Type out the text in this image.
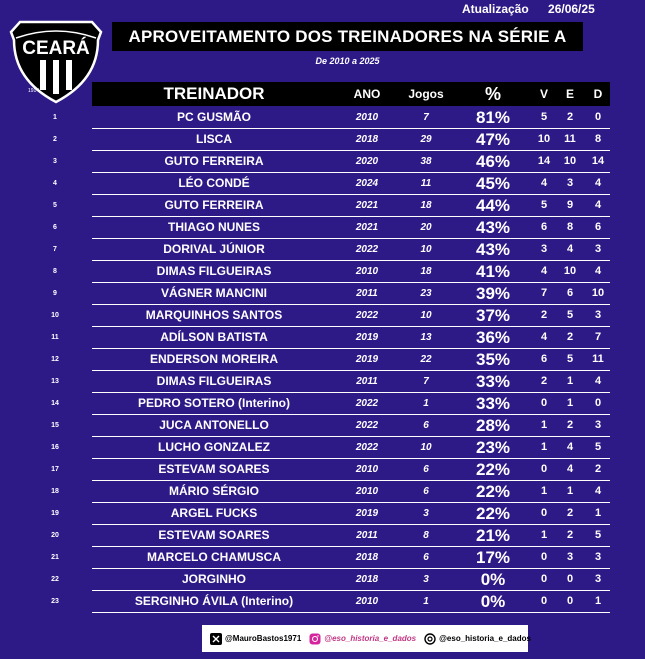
Atualização 26/06/25
CEARÁ
1914
APROVEITAMENTO DOS TREINADORES NA SÉRIE A
De 2010 a 2025
TREINADOR	ANO	Jogos	%	V	E	D
1	PC GUSMÃO	2010	7	81%	5	2	0
2	LISCA	2018	29	47%	10	11	8
3	GUTO FERREIRA	2020	38	46%	14	10	14
4	LÉO CONDÉ	2024	11	45%	4	3	4
5	GUTO FERREIRA	2021	18	44%	5	9	4
6	THIAGO NUNES	2021	20	43%	6	8	6
7	DORIVAL JÚNIOR	2022	10	43%	3	4	3
8	DIMAS FILGUEIRAS	2010	18	41%	4	10	4
9	VÁGNER MANCINI	2011	23	39%	7	6	10
10	MARQUINHOS SANTOS	2022	10	37%	2	5	3
11	ADÍLSON BATISTA	2019	13	36%	4	2	7
12	ENDERSON MOREIRA	2019	22	35%	6	5	11
13	DIMAS FILGUEIRAS	2011	7	33%	2	1	4
14	PEDRO SOTERO (Interino)	2022	1	33%	0	1	0
15	JUCA ANTONELLO	2022	6	28%	1	2	3
16	LUCHO GONZALEZ	2022	10	23%	1	4	5
17	ESTEVAM SOARES	2010	6	22%	0	4	2
18	MÁRIO SÉRGIO	2010	6	22%	1	1	4
19	ARGEL FUCKS	2019	3	22%	0	2	1
20	ESTEVAM SOARES	2011	8	21%	1	2	5
21	MARCELO CHAMUSCA	2018	6	17%	0	3	3
22	JORGINHO	2018	3	0%	0	0	3
23	SERGINHO ÁVILA (Interino)	2010	1	0%	0	0	1
@MauroBastos1971	@eso_historia_e_dados	@eso_historia_e_dados
